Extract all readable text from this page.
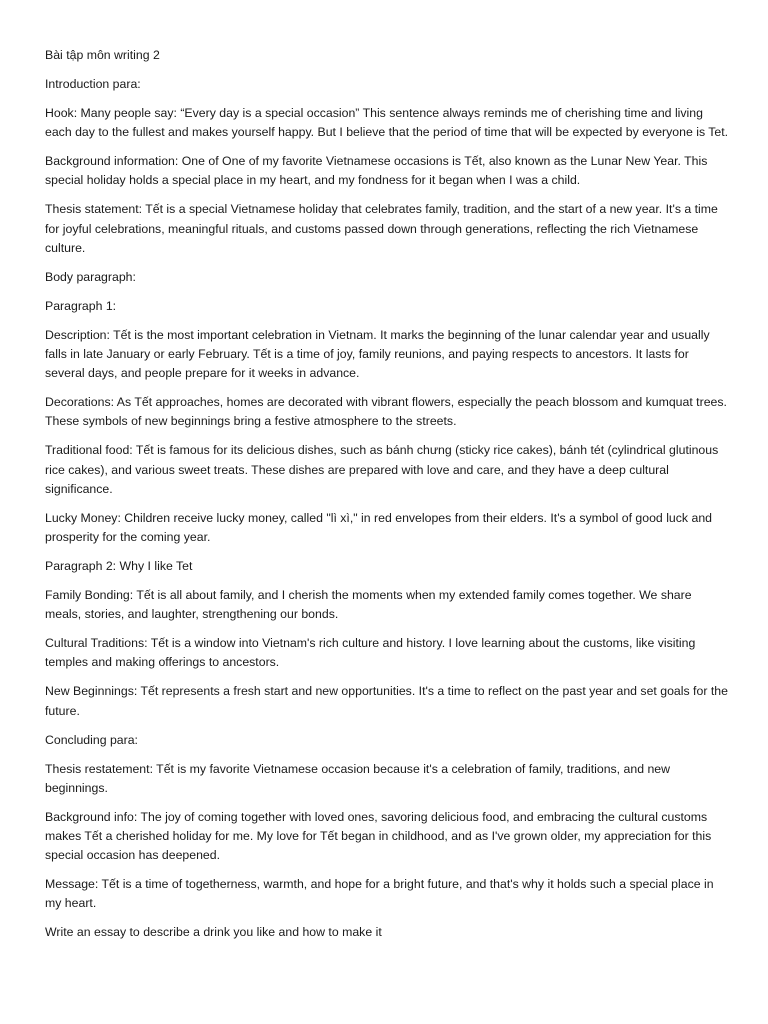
Bài tập môn writing 2

Introduction para:

Hook: Many people say: “Every day is a special occasion” This sentence always reminds me of cherishing time and living each day to the fullest and makes yourself happy. But I believe that the period of time that will be expected by everyone is Tet.

Background information: One of One of my favorite Vietnamese occasions is Tết, also known as the Lunar New Year. This special holiday holds a special place in my heart, and my fondness for it began when I was a child.

Thesis statement: Tết is a special Vietnamese holiday that celebrates family, tradition, and the start of a new year. It's a time for joyful celebrations, meaningful rituals, and customs passed down through generations, reflecting the rich Vietnamese culture.

Body paragraph:

Paragraph 1:

Description: Tết is the most important celebration in Vietnam. It marks the beginning of the lunar calendar year and usually falls in late January or early February. Tết is a time of joy, family reunions, and paying respects to ancestors. It lasts for several days, and people prepare for it weeks in advance.

Decorations: As Tết approaches, homes are decorated with vibrant flowers, especially the peach blossom and kumquat trees. These symbols of new beginnings bring a festive atmosphere to the streets.

Traditional food: Tết is famous for its delicious dishes, such as bánh chưng (sticky rice cakes), bánh tét (cylindrical glutinous rice cakes), and various sweet treats. These dishes are prepared with love and care, and they have a deep cultural significance.

Lucky Money: Children receive lucky money, called "lì xì," in red envelopes from their elders. It's a symbol of good luck and prosperity for the coming year.

Paragraph 2: Why I like Tet

Family Bonding: Tết is all about family, and I cherish the moments when my extended family comes together. We share meals, stories, and laughter, strengthening our bonds.

Cultural Traditions: Tết is a window into Vietnam's rich culture and history. I love learning about the customs, like visiting temples and making offerings to ancestors.

New Beginnings: Tết represents a fresh start and new opportunities. It's a time to reflect on the past year and set goals for the future.

Concluding para:

Thesis restatement: Tết is my favorite Vietnamese occasion because it's a celebration of family, traditions, and new beginnings.

Background info: The joy of coming together with loved ones, savoring delicious food, and embracing the cultural customs makes Tết a cherished holiday for me. My love for Tết began in childhood, and as I've grown older, my appreciation for this special occasion has deepened.

Message: Tết is a time of togetherness, warmth, and hope for a bright future, and that's why it holds such a special place in my heart.

Write an essay to describe a drink you like and how to make it
